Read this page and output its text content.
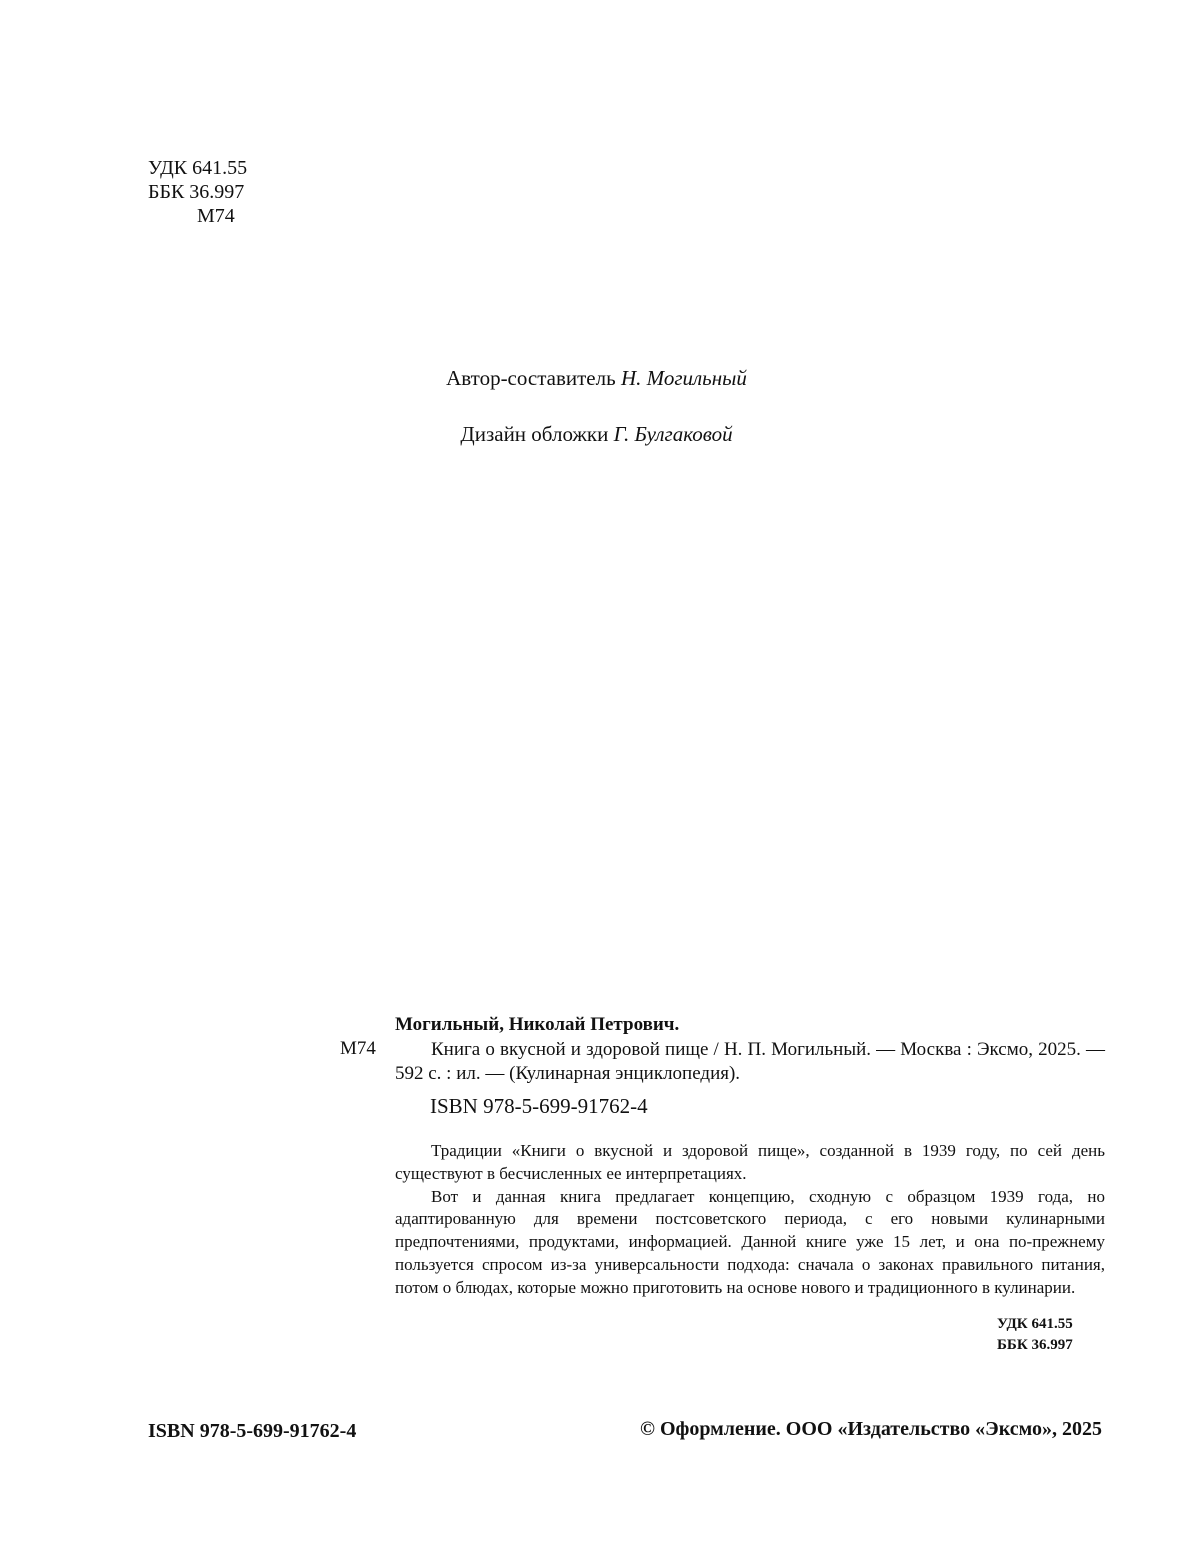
УДК 641.55
ББК 36.997
М74
Автор-составитель Н. Могильный
Дизайн обложки Г. Булгаковой
Могильный, Николай Петрович.
М74	Книга о вкусной и здоровой пище / Н. П. Могильный. — Москва : Эксмо, 2025. — 592 с. : ил. — (Кулинарная энциклопедия).
ISBN 978-5-699-91762-4

Традиции «Книги о вкусной и здоровой пище», созданной в 1939 году, по сей день существуют в бесчисленных ее интерпретациях.

Вот и данная книга предлагает концепцию, сходную с образцом 1939 года, но адаптированную для времени постсоветского периода, с его новыми кулинарными предпочтениями, продуктами, информацией. Данной книге уже 15 лет, и она по-прежнему пользуется спросом из-за универсальности подхода: сначала о законах правильного питания, потом о блюдах, которые можно приготовить на основе нового и традиционного в кулинарии.

УДК 641.55
ББК 36.997
ISBN 978-5-699-91762-4	© Оформление. ООО «Издательство «Эксмо», 2025
